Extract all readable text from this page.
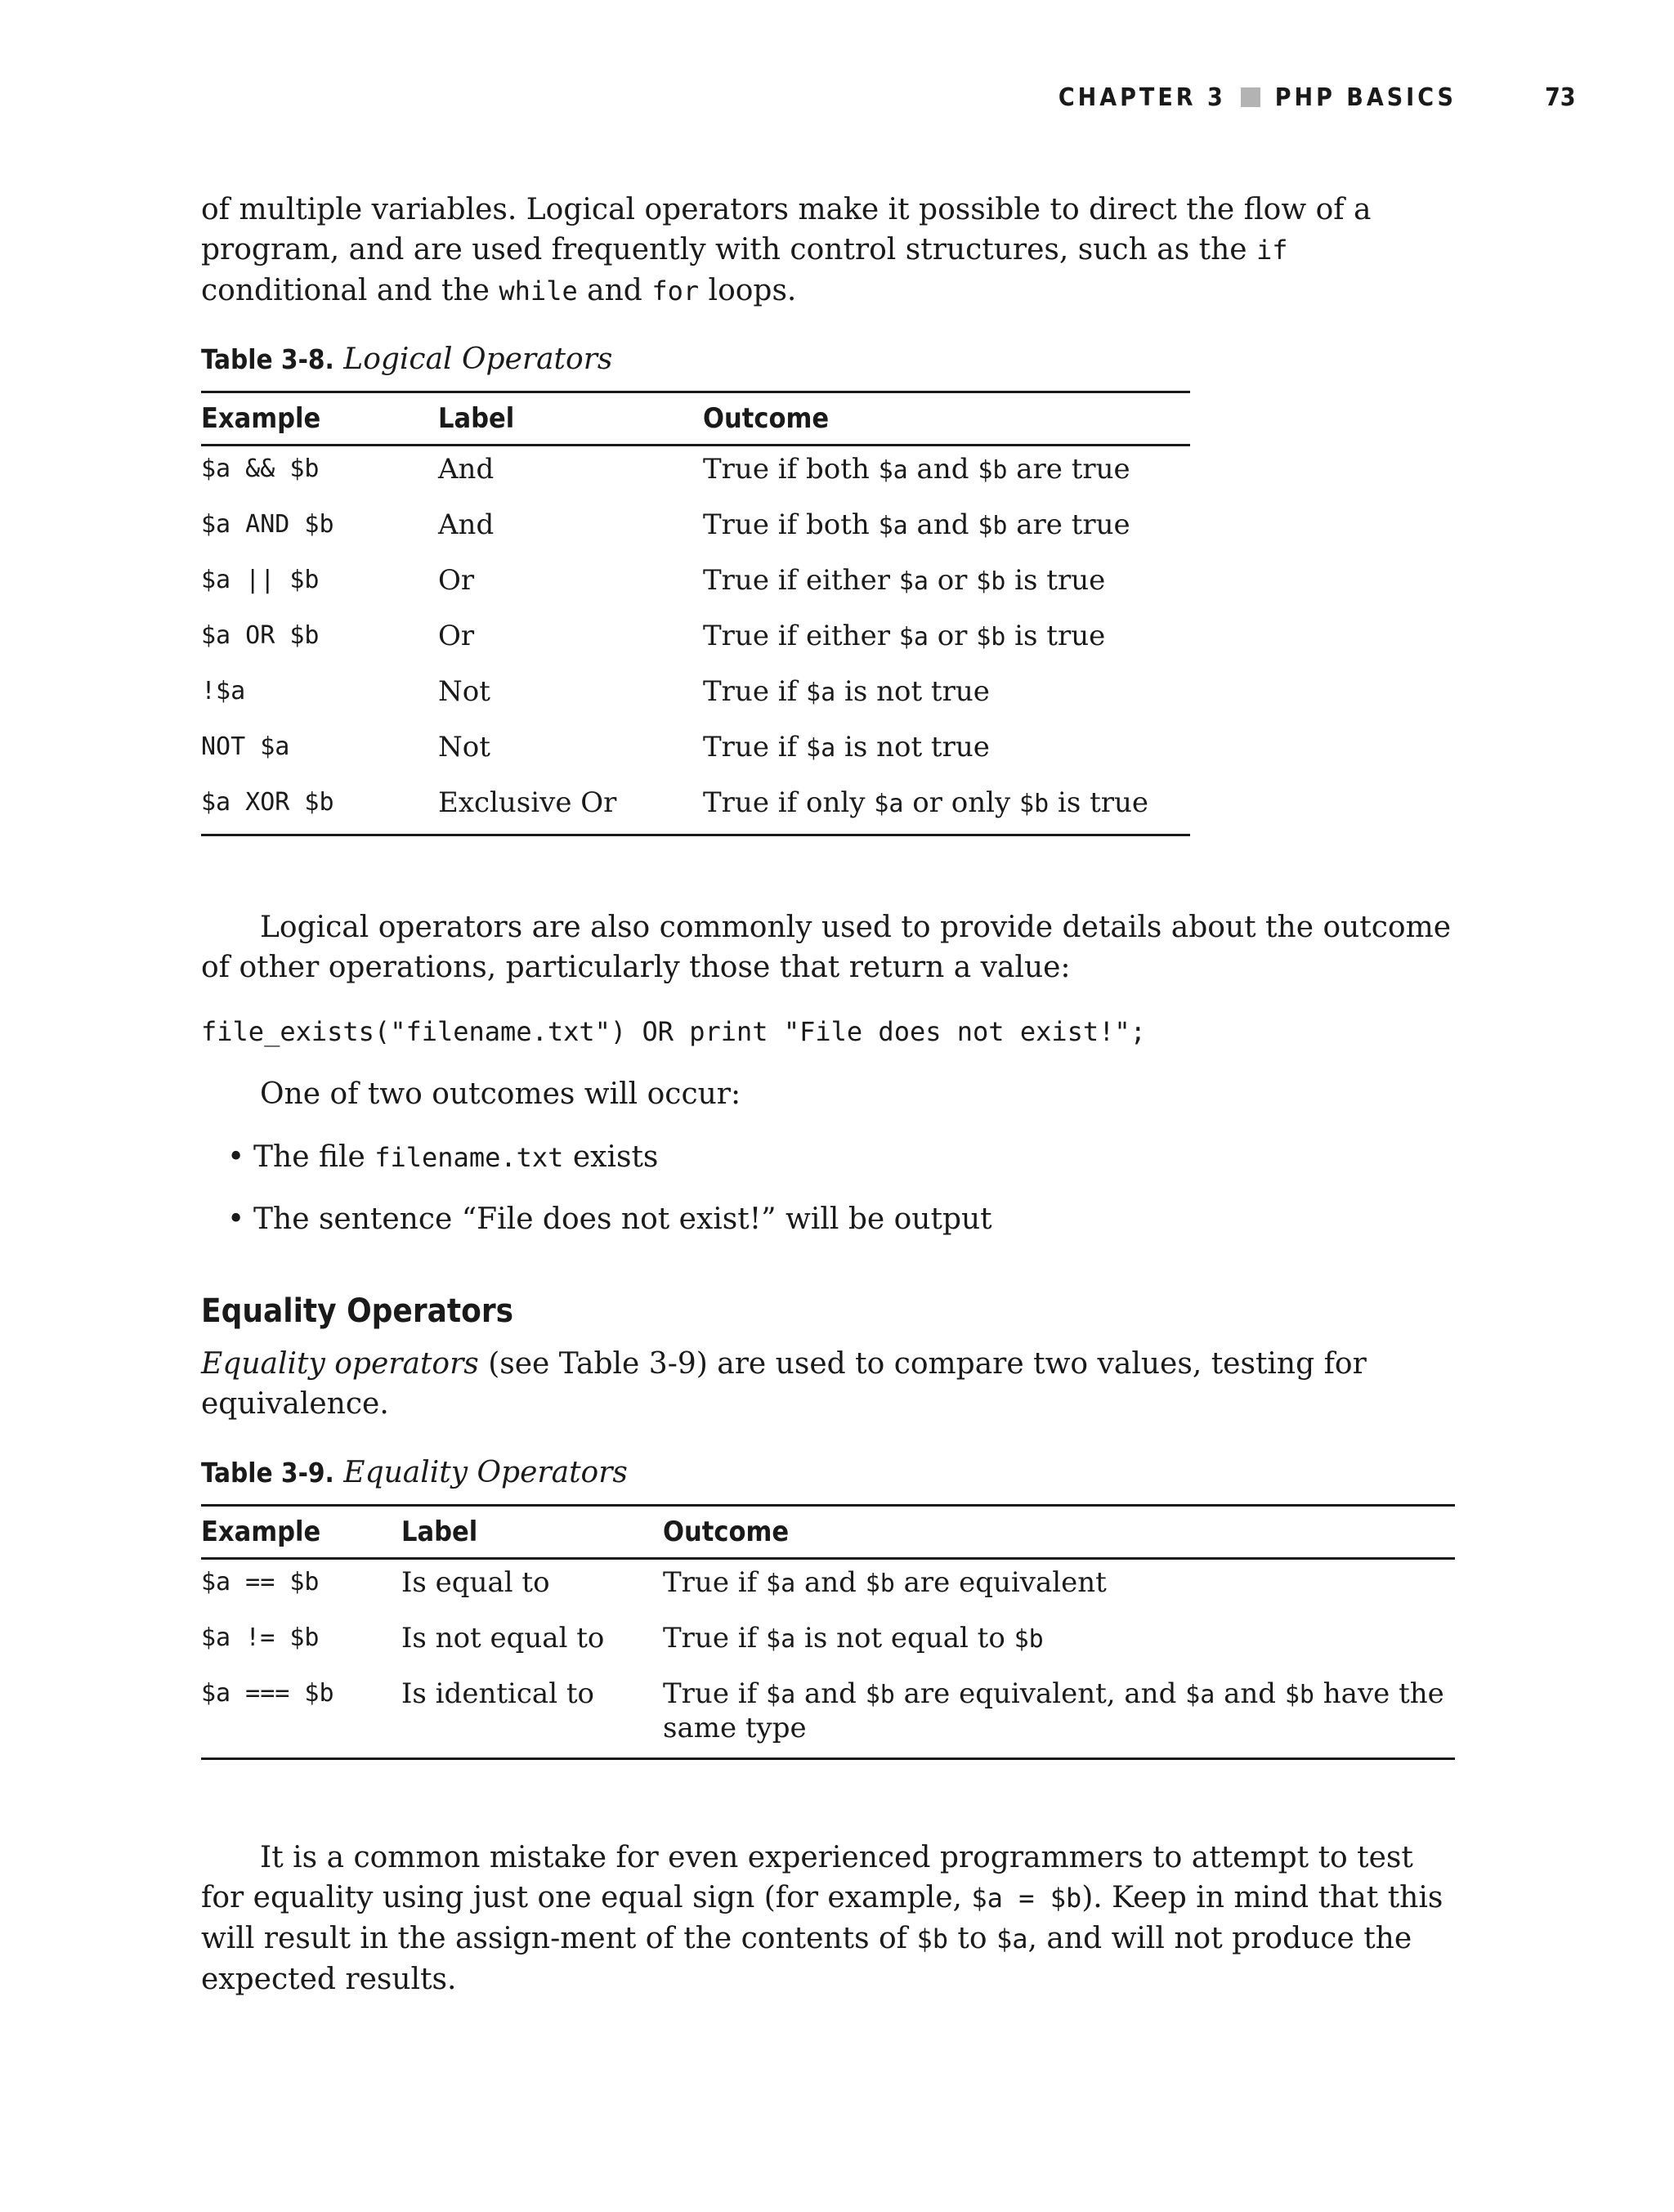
CHAPTER 3 PHP BASICS	73

of multiple variables. Logical operators make it possible to direct the flow of a program, and are used frequently with control structures, such as the if conditional and the while and for loops.

Table 3-8. Logical Operators
Example	Label	Outcome
$a && $b	And	True if both $a and $b are true
$a AND $b	And	True if both $a and $b are true
$a || $b	Or	True if either $a or $b is true
$a OR $b	Or	True if either $a or $b is true
!$a	Not	True if $a is not true
NOT $a	Not	True if $a is not true
$a XOR $b	Exclusive Or	True if only $a or only $b is true

Logical operators are also commonly used to provide details about the outcome of other operations, particularly those that return a value:

file_exists("filename.txt") OR print "File does not exist!";

One of two outcomes will occur:

• The file filename.txt exists
• The sentence “File does not exist!” will be output
Equality Operators

Equality operators (see Table 3-9) are used to compare two values, testing for equivalence.

Table 3-9. Equality Operators
Example	Label	Outcome
$a == $b	Is equal to	True if $a and $b are equivalent
$a != $b	Is not equal to	True if $a is not equal to $b
$a === $b	Is identical to	True if $a and $b are equivalent, and $a and $b have the same type

It is a common mistake for even experienced programmers to attempt to test for equality using just one equal sign (for example, $a = $b). Keep in mind that this will result in the assign-ment of the contents of $b to $a, and will not produce the expected results.
